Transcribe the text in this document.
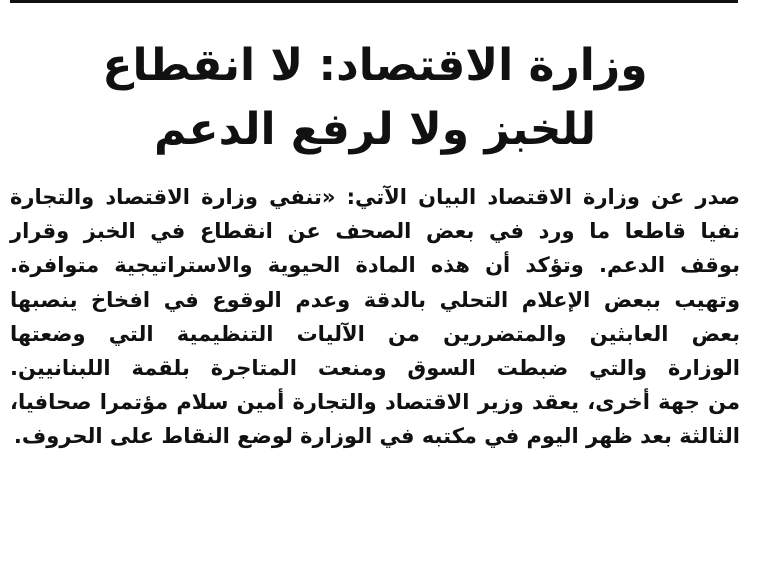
وزارة الاقتصاد: لا انقطاع
للخبز ولا لرفع الدعم
صدر عن وزارة الاقتصاد البيان الآتي: «تنفي وزارة الاقتصاد والتجارة
نفيا قاطعا ما ورد في بعض الصحف عن انقطاع في الخبز وقرار
بوقف الدعم. وتؤكد أن هذه المادة الحيوية والاستراتيجية متوافرة.
وتهيب ببعض الإعلام التحلي بالدقة وعدم الوقوع في افخاخ ينصبها
بعض العابثين والمتضررين من الآليات التنظيمية التي وضعتها
الوزارة والتي ضبطت السوق ومنعت المتاجرة بلقمة اللبنانيين.
من جهة أخرى، يعقد وزير الاقتصاد والتجارة أمين سلام مؤتمرا صحافيا،
الثالثة بعد ظهر اليوم في مكتبه في الوزارة لوضع النقاط على الحروف.
